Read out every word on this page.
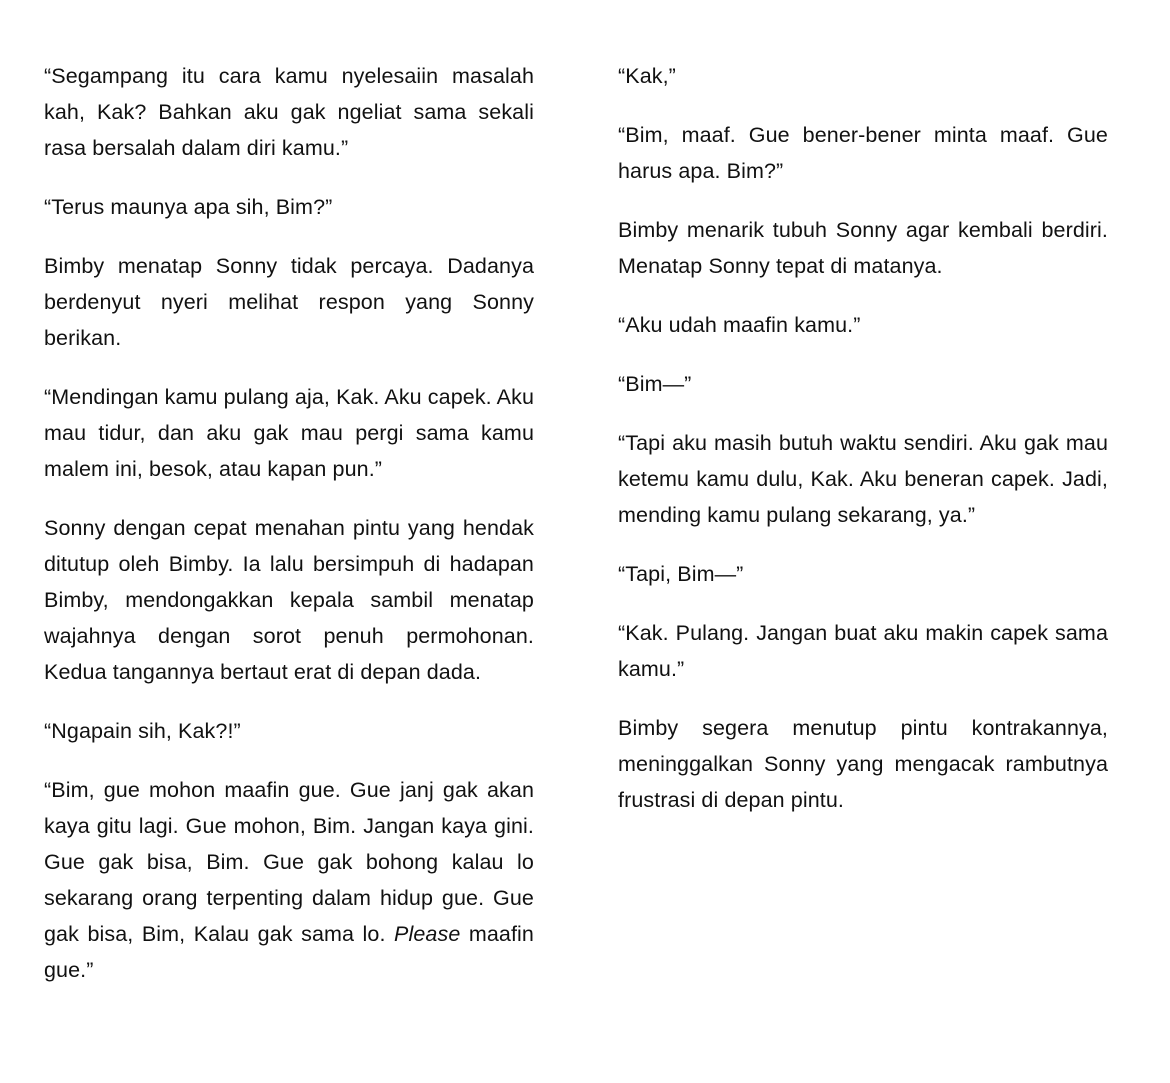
“Segampang itu cara kamu nyelesaiin masalah kah, Kak? Bahkan aku gak ngeliat sama sekali rasa bersalah dalam diri kamu.”

“Terus maunya apa sih, Bim?”

Bimby menatap Sonny tidak percaya. Dadanya berdenyut nyeri melihat respon yang Sonny berikan.

“Mendingan kamu pulang aja, Kak. Aku capek. Aku mau tidur, dan aku gak mau pergi sama kamu malem ini, besok, atau kapan pun.”

Sonny dengan cepat menahan pintu yang hendak ditutup oleh Bimby. Ia lalu bersimpuh di hadapan Bimby, mendongakkan kepala sambil menatap wajahnya dengan sorot penuh permohonan. Kedua tangannya bertaut erat di depan dada.

“Ngapain sih, Kak?!”

“Bim, gue mohon maafin gue. Gue janj gak akan kaya gitu lagi. Gue mohon, Bim. Jangan kaya gini. Gue gak bisa, Bim. Gue gak bohong kalau lo sekarang orang terpenting dalam hidup gue. Gue gak bisa, Bim, Kalau gak sama lo. Please maafin gue.”

“Kak,”

“Bim, maaf. Gue bener-bener minta maaf. Gue harus apa. Bim?”

Bimby menarik tubuh Sonny agar kembali berdiri. Menatap Sonny tepat di matanya.

“Aku udah maafin kamu.”

“Bim—”

“Tapi aku masih butuh waktu sendiri. Aku gak mau ketemu kamu dulu, Kak. Aku beneran capek. Jadi, mending kamu pulang sekarang, ya.”

“Tapi, Bim—”

“Kak. Pulang. Jangan buat aku makin capek sama kamu.”

Bimby segera menutup pintu kontrakannya, meninggalkan Sonny yang mengacak rambutnya frustrasi di depan pintu.
